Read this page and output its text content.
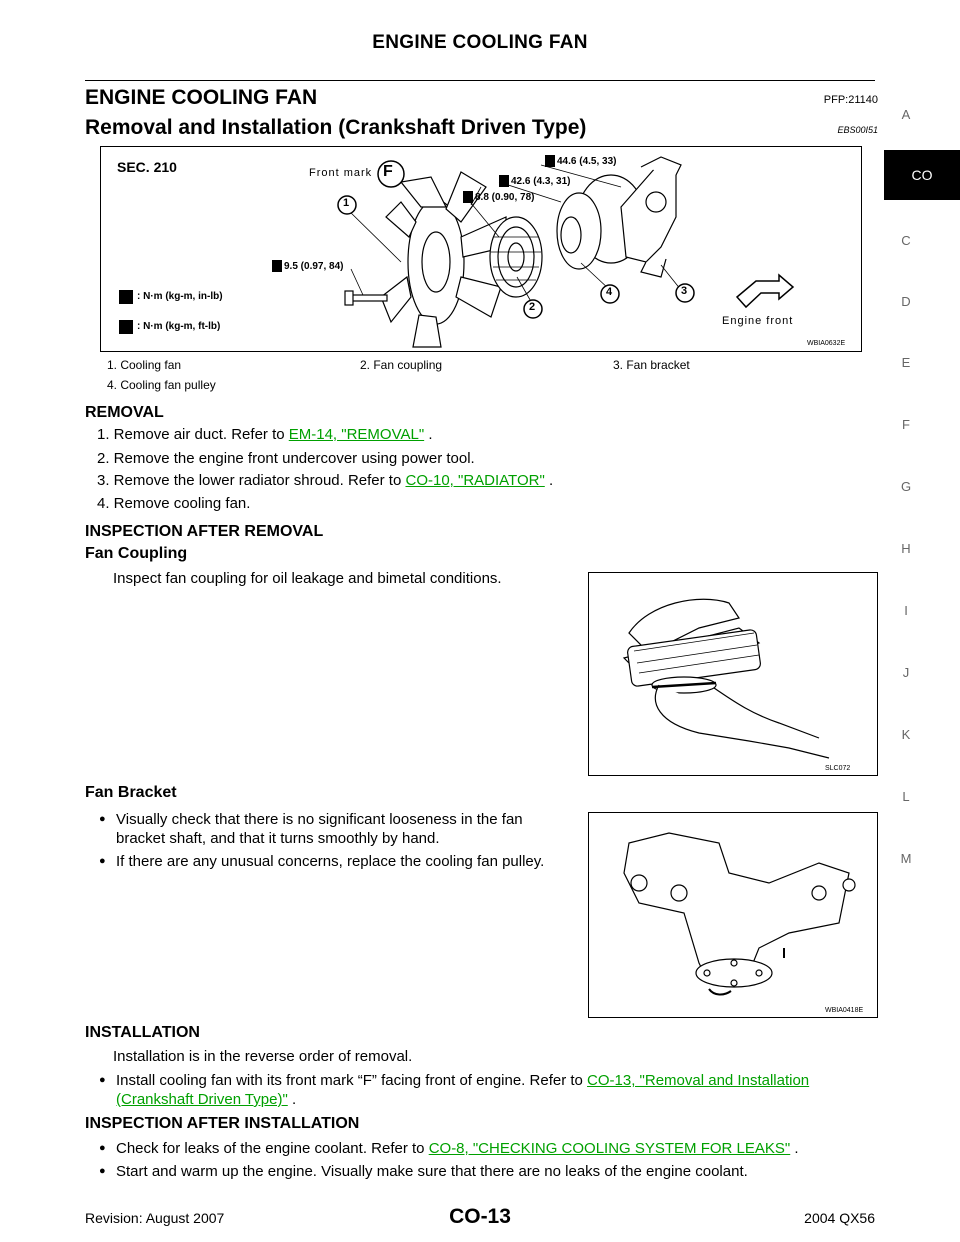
ENGINE COOLING FAN
ENGINE COOLING FAN	PFP:21140
Removal and Installation (Crankshaft Driven Type)	EBS00I51
SEC. 210	Front mark F
44.6 (4.5, 33)
42.6 (4.3, 31)
8.8 (0.90, 78)
9.5 (0.97, 84)
: N·m (kg-m, in-lb)
: N·m (kg-m, ft-lb)	Engine front
1
2
3
4
WBIA0632E
1. Cooling fan	2. Fan coupling	3. Fan bracket
4. Cooling fan pulley
REMOVAL
1. Remove air duct. Refer to EM-14, "REMOVAL" .
2. Remove the engine front undercover using power tool.
3. Remove the lower radiator shroud. Refer to CO-10, "RADIATOR" .
4. Remove cooling fan.
INSPECTION AFTER REMOVAL
Fan Coupling
Inspect fan coupling for oil leakage and bimetal conditions.
SLC072
Fan Bracket
● Visually check that there is no significant looseness in the fan
bracket shaft, and that it turns smoothly by hand.
● If there are any unusual concerns, replace the cooling fan pulley.
WBIA0418E
INSTALLATION
Installation is in the reverse order of removal.
● Install cooling fan with its front mark “F” facing front of engine. Refer to CO-13, "Removal and Installation
(Crankshaft Driven Type)" .
INSPECTION AFTER INSTALLATION
● Check for leaks of the engine coolant. Refer to CO-8, "CHECKING COOLING SYSTEM FOR LEAKS" .
● Start and warm up the engine. Visually make sure that there are no leaks of the engine coolant.
A
CO
C
D
E
F
G
H
I
J
K
L
M
Revision: August 2007	CO-13	2004 QX56
